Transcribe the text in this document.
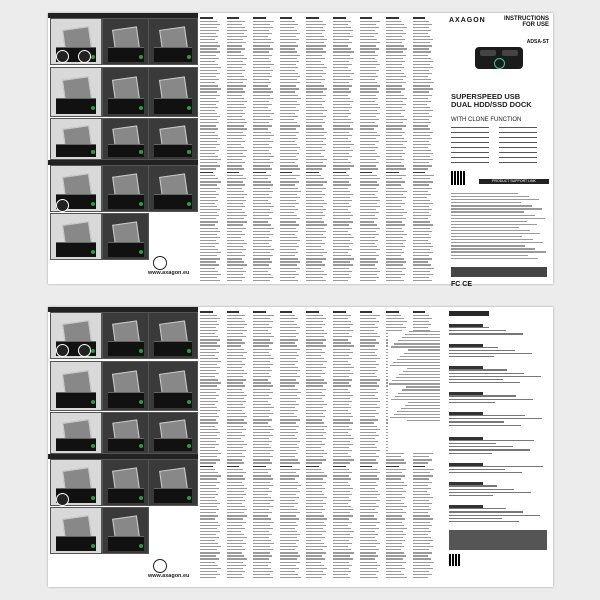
www.axagon.eu
AXAGON	INSTRUCTIONS
FOR USE
ADSA-ST
SUPERSPEED USB
DUAL HDD/SSD DOCK
WITH CLONE FUNCTION
PRODUCT SUPPORT LINK
FC CE
www.axagon.eu
